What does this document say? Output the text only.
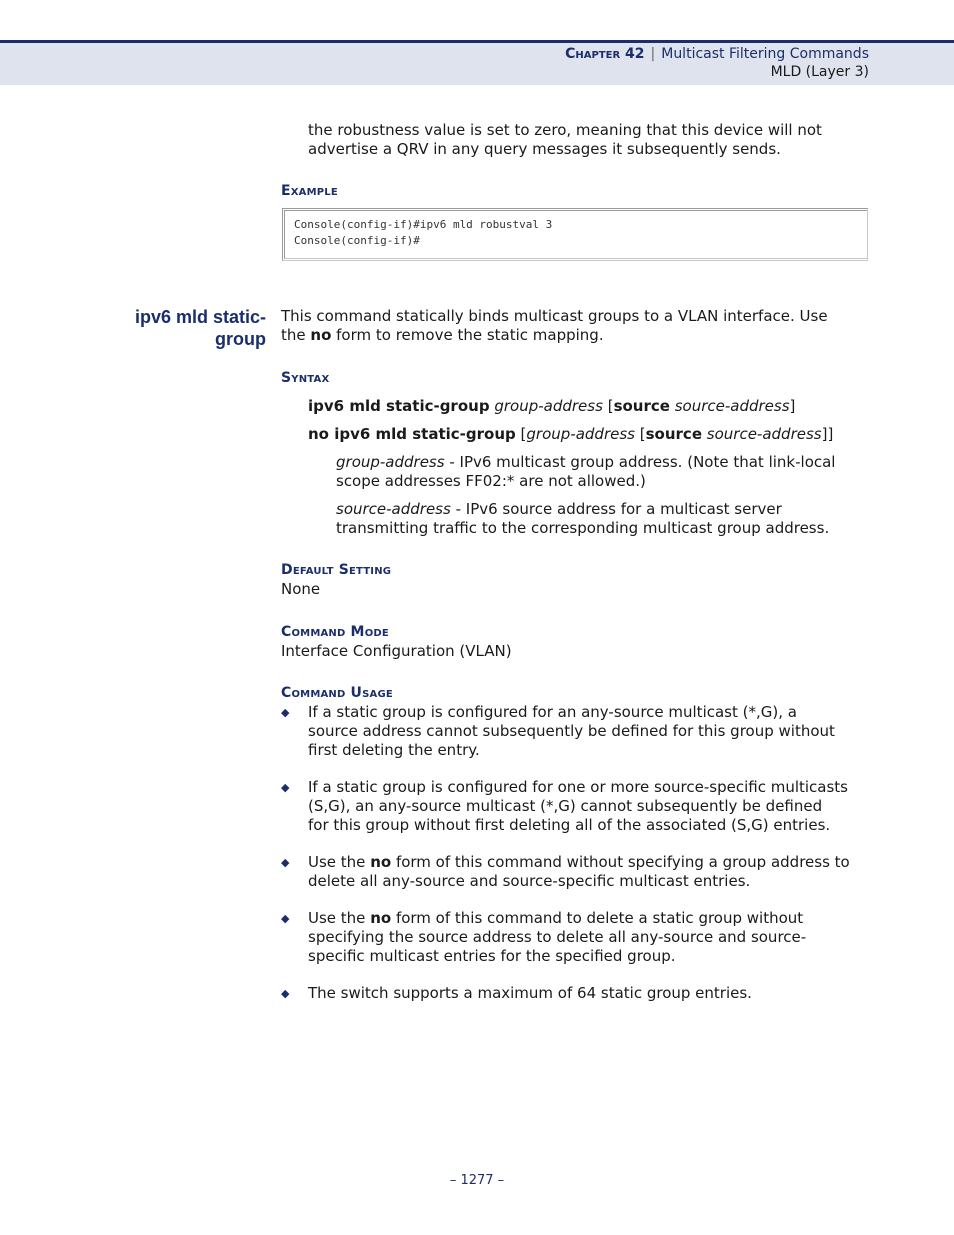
Chapter 42 | Multicast Filtering Commands
MLD (Layer 3)
the robustness value is set to zero, meaning that this device will not
advertise a QRV in any query messages it subsequently sends.
Example
Console(config-if)#ipv6 mld robustval 3
Console(config-if)#
ipv6 mld static-
group
This command statically binds multicast groups to a VLAN interface. Use
the no form to remove the static mapping.
Syntax
ipv6 mld static-group group-address [source source-address]
no ipv6 mld static-group [group-address [source source-address]]
group-address - IPv6 multicast group address. (Note that link-local
scope addresses FF02:* are not allowed.)
source-address - IPv6 source address for a multicast server
transmitting traffic to the corresponding multicast group address.
Default Setting
None
Command Mode
Interface Configuration (VLAN)
Command Usage
◆ If a static group is configured for an any-source multicast (*,G), a
source address cannot subsequently be defined for this group without
first deleting the entry.
◆ If a static group is configured for one or more source-specific multicasts
(S,G), an any-source multicast (*,G) cannot subsequently be defined
for this group without first deleting all of the associated (S,G) entries.
◆ Use the no form of this command without specifying a group address to
delete all any-source and source-specific multicast entries.
◆ Use the no form of this command to delete a static group without
specifying the source address to delete all any-source and source-
specific multicast entries for the specified group.
◆ The switch supports a maximum of 64 static group entries.
– 1277 –
